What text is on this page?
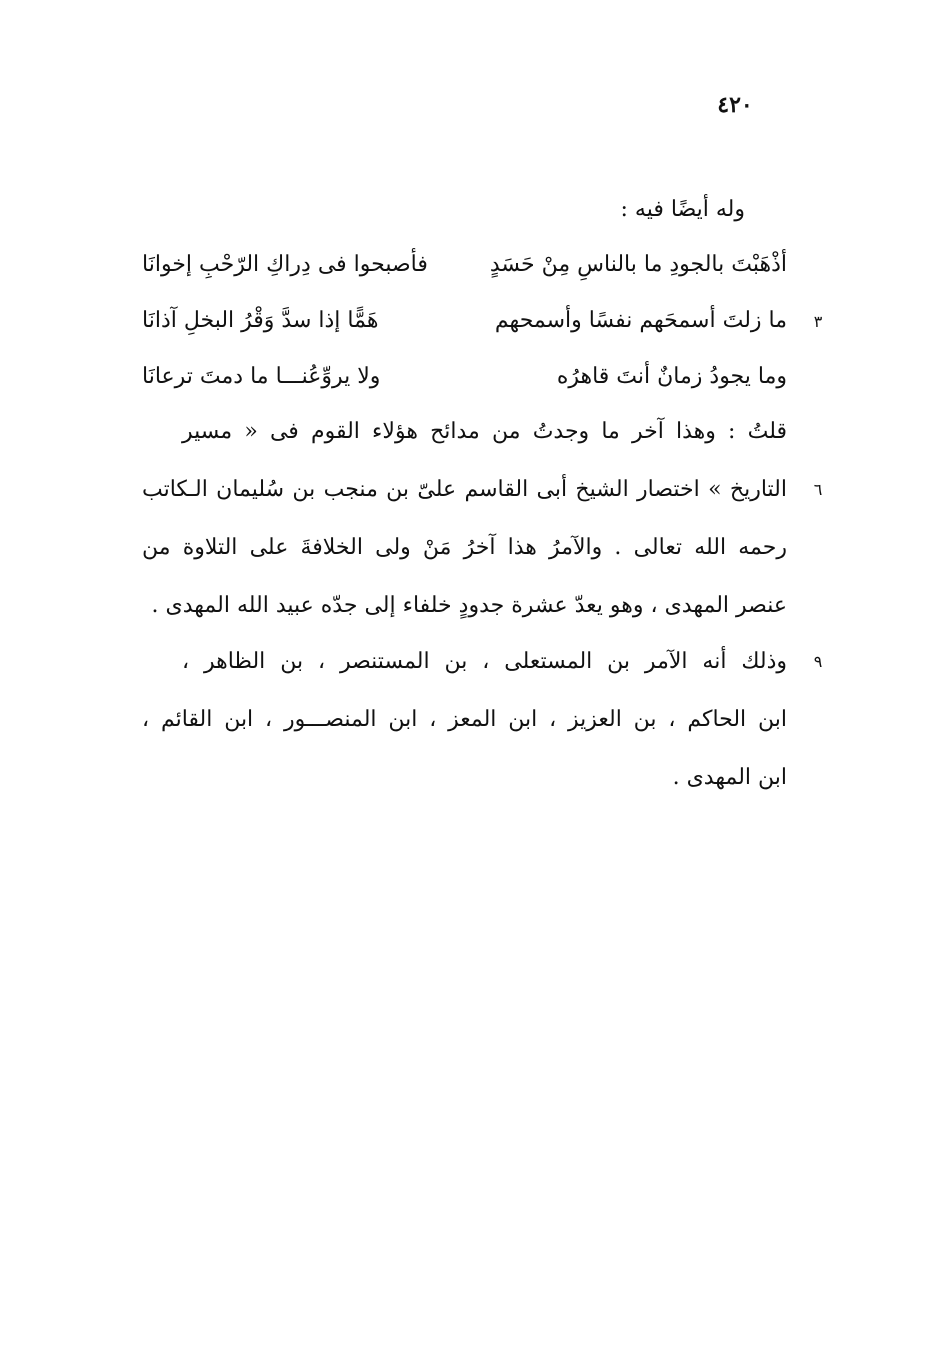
٤٢٠
وله أيضًا فيه :
أذْهَبْتَ بالجودِ ما بالناسِ مِنْ حَسَدٍ
فأصبحوا فى دِراكِ الرّحْبِ إخوانَا
٣
ما زلتَ أسمحَهم نفسًا وأسمحهم
هَمًّا إذا سدَّ وَقْرُ البخلِ آذانَا
وما يجودُ زمانٌ أنتَ قاهرُه
ولا يروِّعُنـــا ما دمتَ ترعانَا
قلتُ : وهذا آخر ما وجدتُ من مدائح هؤلاء القوم فى « مسير
٦
التاريخ » اختصار الشيخ أبى القاسم علىّ بن منجب بن سُليمان الـكاتب
رحمه الله تعالى . والآمرُ هذا آخرُ مَنْ ولى الخلافةَ على التلاوة من
عنصر المهدى ، وهو يعدّ عشرة جدودٍ خلفاء إلى جدّه عبيد الله المهدى .
٩
وذلك أنه الآمر بن المستعلى ، بن المستنصر ، بن الظاهر ،
ابن الحاكم ، بن العزيز ، ابن المعز ، ابن المنصـــور ، ابن القائم ،
ابن المهدى .
